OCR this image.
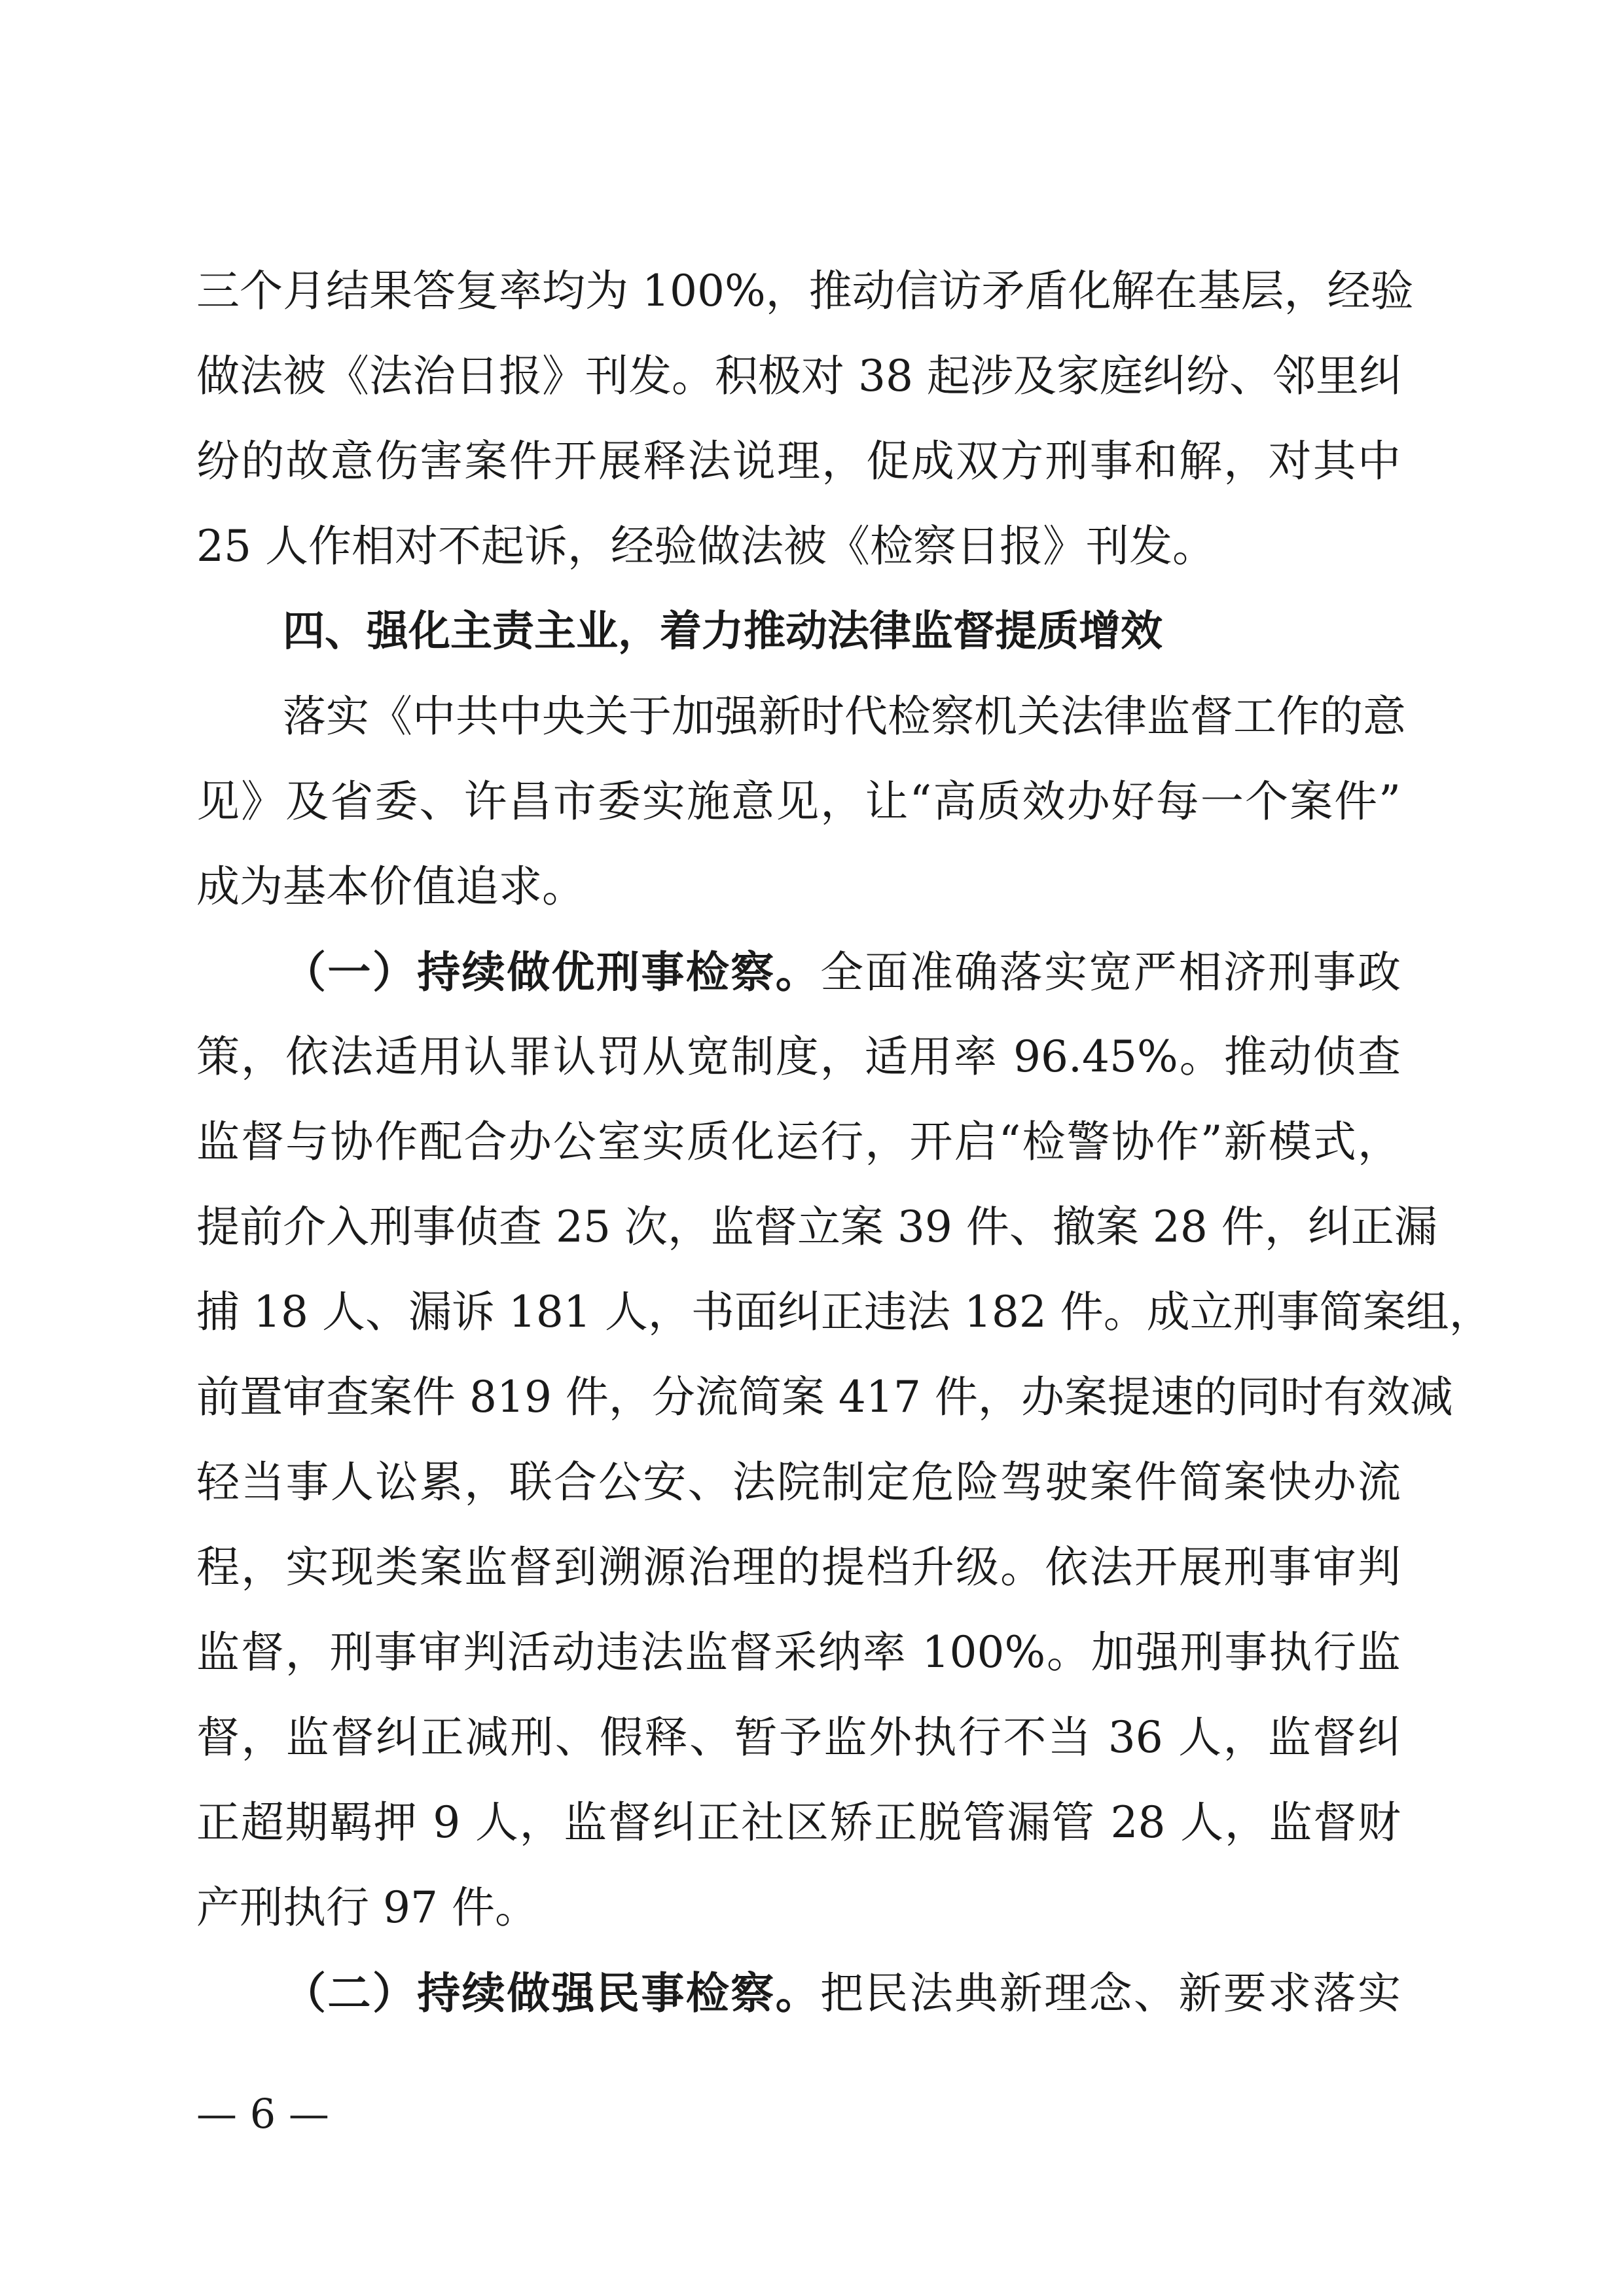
三个月结果答复率均为 100%，推动信访矛盾化解在基层，经验
做法被《法治日报》刊发。积极对 38 起涉及家庭纠纷、邻里纠
纷的故意伤害案件开展释法说理，促成双方刑事和解，对其中
25 人作相对不起诉，经验做法被《检察日报》刊发。
四、强化主责主业，着力推动法律监督提质增效
落实《中共中央关于加强新时代检察机关法律监督工作的意
见》及省委、许昌市委实施意见，让“高质效办好每一个案件”
成为基本价值追求。
（一）持续做优刑事检察。全面准确落实宽严相济刑事政
策，依法适用认罪认罚从宽制度，适用率 96.45%。推动侦查
监督与协作配合办公室实质化运行，开启“检警协作”新模式，
提前介入刑事侦查 25 次，监督立案 39 件、撤案 28 件，纠正漏
捕 18 人、漏诉 181 人，书面纠正违法 182 件。成立刑事简案组，
前置审查案件 819 件，分流简案 417 件，办案提速的同时有效减
轻当事人讼累，联合公安、法院制定危险驾驶案件简案快办流
程，实现类案监督到溯源治理的提档升级。依法开展刑事审判
监督，刑事审判活动违法监督采纳率 100%。加强刑事执行监
督，监督纠正减刑、假释、暂予监外执行不当 36 人，监督纠
正超期羁押 9 人，监督纠正社区矫正脱管漏管 28 人，监督财
产刑执行 97 件。
（二）持续做强民事检察。把民法典新理念、新要求落实
— 6 —
